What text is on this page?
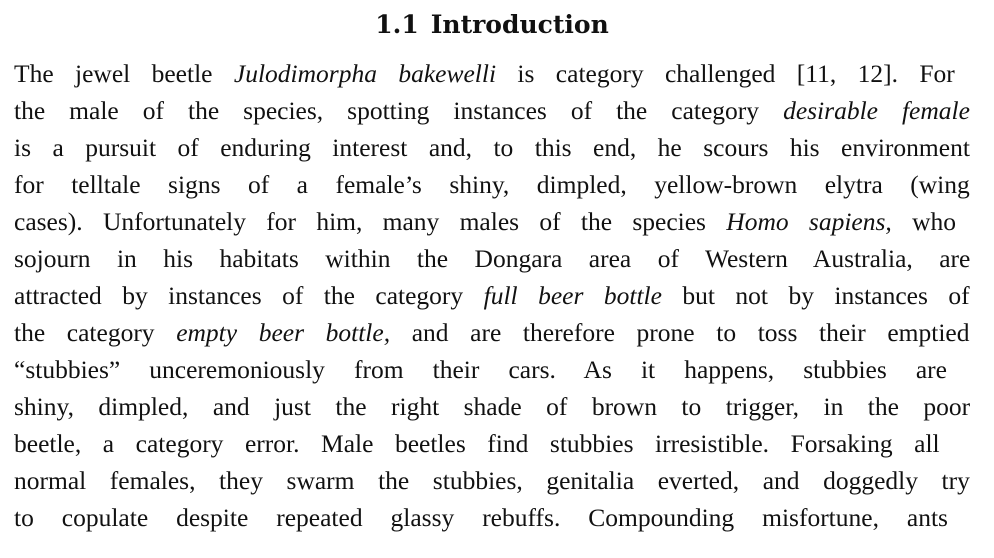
1.1 Introduction
The jewel beetle Julodimorpha bakewelli is category challenged [11, 12]. For
the male of the species, spotting instances of the category desirable female
is a pursuit of enduring interest and, to this end, he scours his environment
for telltale signs of a female’s shiny, dimpled, yellow-brown elytra (wing
cases). Unfortunately for him, many males of the species Homo sapiens, who
sojourn in his habitats within the Dongara area of Western Australia, are
attracted by instances of the category full beer bottle but not by instances of
the category empty beer bottle, and are therefore prone to toss their emptied
“stubbies” unceremoniously from their cars. As it happens, stubbies are
shiny, dimpled, and just the right shade of brown to trigger, in the poor
beetle, a category error. Male beetles find stubbies irresistible. Forsaking all
normal females, they swarm the stubbies, genitalia everted, and doggedly try
to copulate despite repeated glassy rebuffs. Compounding misfortune, ants
